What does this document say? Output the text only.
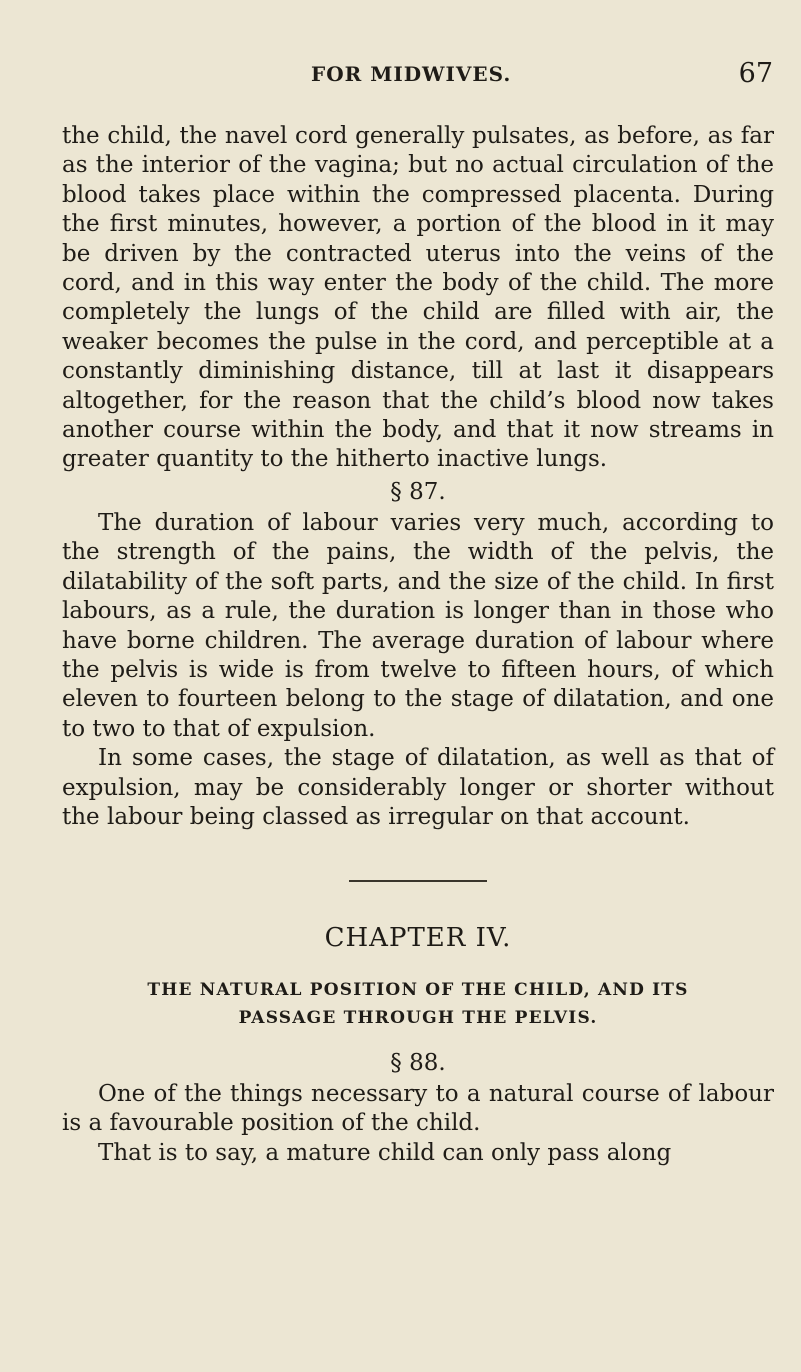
FOR MIDWIVES.	67

the child, the navel cord generally pulsates, as before, as far as the interior of the vagina; but no actual circulation of the blood takes place within the compressed placenta. During the first minutes, however, a portion of the blood in it may be driven by the contracted uterus into the veins of the cord, and in this way enter the body of the child. The more completely the lungs of the child are filled with air, the weaker becomes the pulse in the cord, and perceptible at a constantly diminishing distance, till at last it disappears altogether, for the reason that the child’s blood now takes another course within the body, and that it now streams in greater quantity to the hitherto inactive lungs.

§ 87.

The duration of labour varies very much, according to the strength of the pains, the width of the pelvis, the dilatability of the soft parts, and the size of the child. In first labours, as a rule, the duration is longer than in those who have borne children. The average duration of labour where the pelvis is wide is from twelve to fifteen hours, of which eleven to fourteen belong to the stage of dilatation, and one to two to that of expulsion.

In some cases, the stage of dilatation, as well as that of expulsion, may be considerably longer or shorter without the labour being classed as irregular on that account.

CHAPTER IV.

THE NATURAL POSITION OF THE CHILD, AND ITS PASSAGE THROUGH THE PELVIS.

§ 88.

One of the things necessary to a natural course of labour is a favourable position of the child.

That is to say, a mature child can only pass along
